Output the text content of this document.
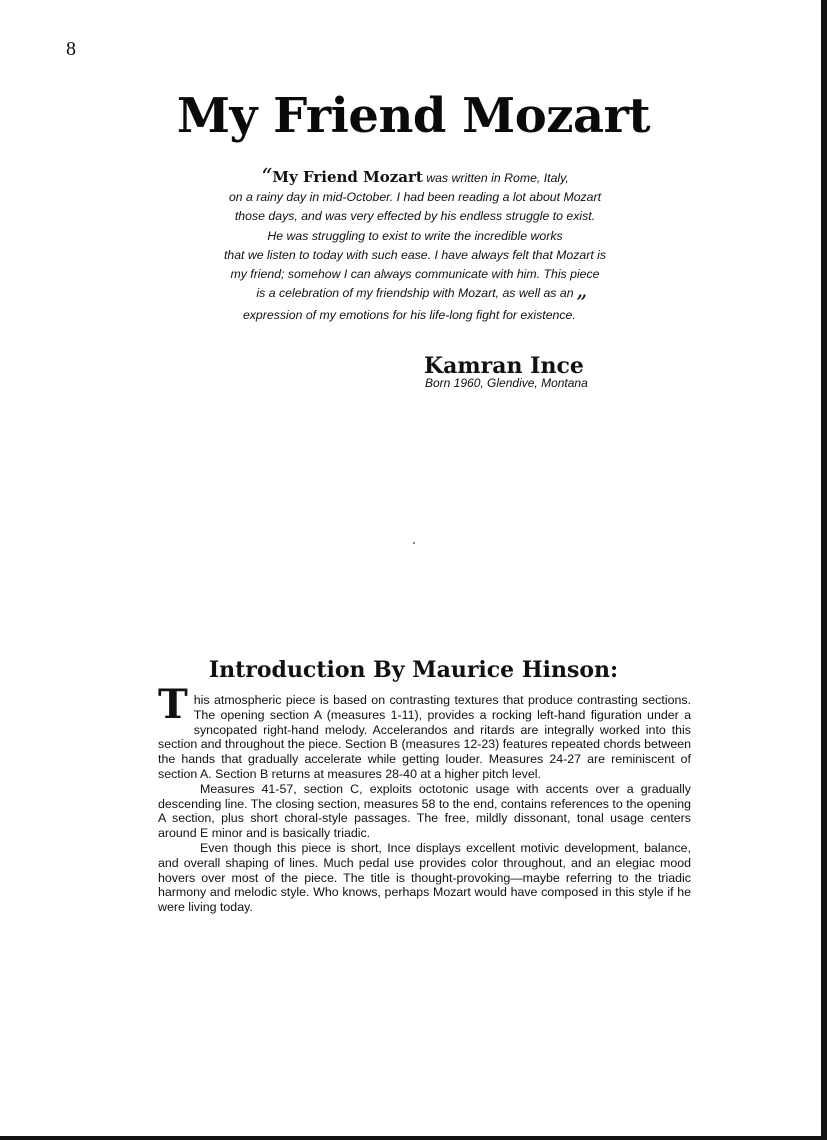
8
My Friend Mozart
“My Friend Mozart was written in Rome, Italy,
on a rainy day in mid-October. I had been reading a lot about Mozart
those days, and was very effected by his endless struggle to exist.
He was struggling to exist to write the incredible works
that we listen to today with such ease. I have always felt that Mozart is
my friend; somehow I can always communicate with him. This piece
is a celebration of my friendship with Mozart, as well as an
expression of my emotions for his life-long fight for existence.”
Kamran Ince
Born 1960, Glendive, Montana
Introduction By Maurice Hinson:

This atmospheric piece is based on contrasting textures that produce contrasting sections. The opening section A (measures 1-11), provides a rocking left-hand figuration under a syncopated right-hand melody. Accelerandos and ritards are integrally worked into this section and throughout the piece. Section B (measures 12-23) features repeated chords between the hands that gradually accelerate while getting louder. Measures 24-27 are reminiscent of section A. Section B returns at measures 28-40 at a higher pitch level.

Measures 41-57, section C, exploits octotonic usage with accents over a gradually descending line. The closing section, measures 58 to the end, contains references to the opening A section, plus short choral-style passages. The free, mildly dissonant, tonal usage centers around E minor and is basically triadic.

Even though this piece is short, Ince displays excellent motivic development, balance, and overall shaping of lines. Much pedal use provides color throughout, and an elegiac mood hovers over most of the piece. The title is thought-provoking—maybe referring to the triadic harmony and melodic style. Who knows, perhaps Mozart would have composed in this style if he were living today.
